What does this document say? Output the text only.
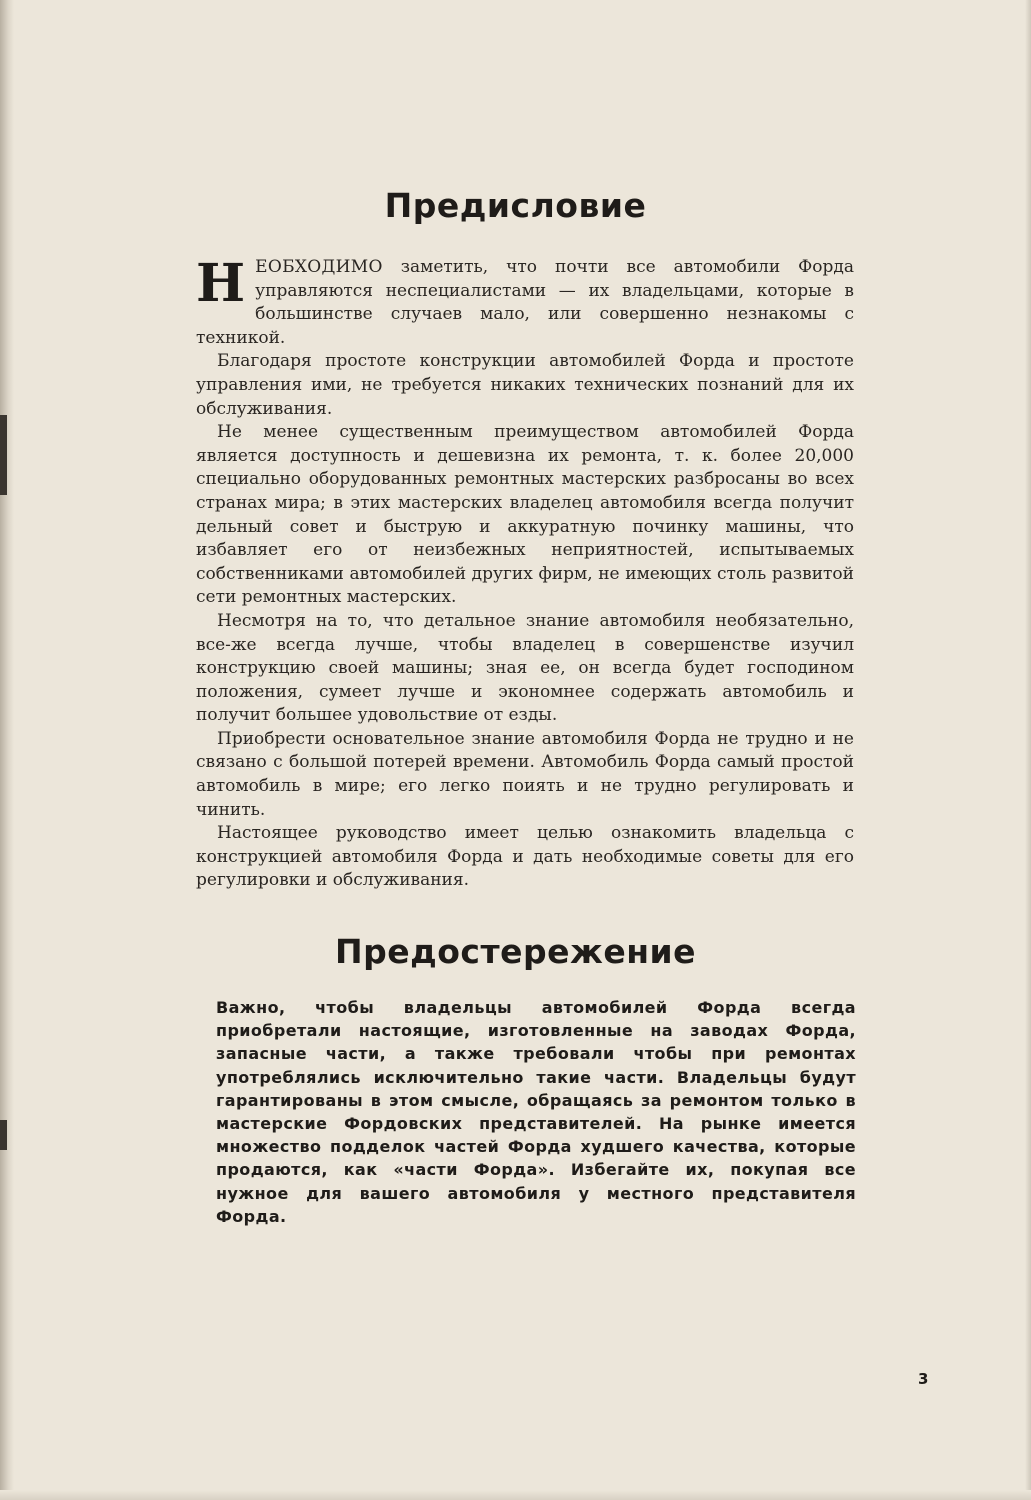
Предисловие

НЕОБХОДИМО заметить, что почти все автомобили Форда управляются неспециалистами — их владельцами, которые в большинстве случаев мало, или совершенно незнакомы с техникой.

Благодаря простоте конструкции автомобилей Форда и простоте управления ими, не требуется никаких технических познаний для их обслуживания.

Не менее существенным преимуществом автомобилей Форда является доступность и дешевизна их ремонта, т. к. более 20,000 специально оборудованных ремонтных мастерских разбросаны во всех странах мира; в этих мастерских владелец автомобиля всегда получит дельный совет и быструю и аккуратную починку машины, что избавляет его от неизбежных неприятностей, испытываемых собственниками автомобилей других фирм, не имеющих столь развитой сети ремонтных мастерских.

Несмотря на то, что детальное знание автомобиля необязательно, все-же всегда лучше, чтобы владелец в совершенстве изучил конструкцию своей машины; зная ее, он всегда будет господином положения, сумеет лучше и экономнее содержать автомобиль и получит большее удовольствие от езды.

Приобрести основательное знание автомобиля Форда не трудно и не связано с большой потерей времени. Автомобиль Форда самый простой автомобиль в мире; его легко поиять и не трудно регулировать и чинить.

Настоящее руководство имеет целью ознакомить владельца с конструкцией автомобиля Форда и дать необходимые советы для его регулировки и обслуживания.

Предостережение

Важно, чтобы владельцы автомобилей Форда всегда приобретали настоящие, изготовленные на заводах Форда, запасные части, а также требовали чтобы при ремонтах употреблялись исключительно такие части. Владельцы будут гарантированы в этом смысле, обращаясь за ремонтом только в мастерские Фордовских представителей. На рынке имеется множество подделок частей Форда худшего качества, которые продаются, как «части Форда». Избегайте их, покупая все нужное для вашего автомобиля у местного представителя Форда.

3
